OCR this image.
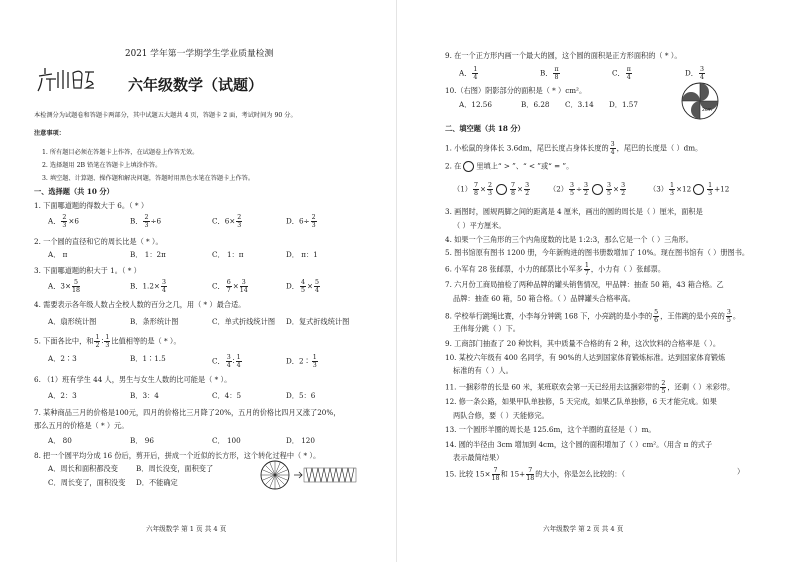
2021 学年第一学期学生学业质量检测
六年级数学（试题）
本检测分为试题卷和答题卡两部分，其中试题五大题共 4 页，答题卡 2 面，考试时间为 90 分。
注意事项：
1. 所有题目必须在答题卡上作答，在试题卷上作答无效。
2. 选择题用 2B 铅笔在答题卡上填涂作答。
3. 填空题、计算题、操作题和解决问题，答题时用黑色水笔在答题卡上作答。
一、选择题（共 10 分）
1. 下面哪道题的得数大于 6。（ * ）
A． $\frac{2}{3} \times 6$	B． $\frac{2}{3} \div 6$	C．$6\times \frac{2}{3}$	D．$6\div \frac{2}{3}$
2. 一个圆的直径和它的周长比是（ * ）。
A． π	B． 1：2π	C． 1：π	D． π：1
3. 下面哪道题的积大于 1。（ * ）
A．$3\times \frac{5}{18}$	B．$1.2\times \frac{3}{4}$	C． $\frac{6}{7} \times \frac{3}{14}$	D． $\frac{4}{5} \times \frac{5}{4}$
4. 需要表示各年级人数占全校人数的百分之几，用（ * ）最合适。
A．扇形统计图	B．条形统计图	C．单式折线统计图 D．复式折线统计图
5. 下面各比中，和 $\frac{1}{2}$ ∶ $\frac{1}{3}$ 比值相等的是（ * ）。
A．2∶3	B．1∶1.5	C． $\frac{3}{4}$ ∶ $\frac{1}{4}$	D．2∶ $\frac{1}{3}$
6. （1）班有学生 44 人，男生与女生人数的比可能是（ * ）。
A．2：3	B．3：4	C．4：5	D．5：6
7. 某种商品三月的价格是100元，四月的价格比三月降了20%，五月的价格比四月又涨了20%，
那么五月的价格是（ * ）元。
A． 80	B． 96	C． 100	D． 120
8. 把一个圆平均分成 16 份后，剪开后，拼成一个近似的长方形，这个转化过程中（ * ）。
A．周长和面积都没变	B．周长没变，面积变了
C．周长变了，面积没变 D．不能确定
六年级数学 第 1 页 共 4 页
9. 在一个正方形内画一个最大的圆，这个圆的面积是正方形面积的（ * ）。
A． $\frac{1}{4}$	B． $\frac{\pi}{8}$	C． $\frac{\pi}{4}$	D． $\frac{3}{4}$
10.（右图）阴影部分的面积是（ * ）cm²。
A．12.56	B．6.28 C．3.14 D．1.57
2cm
二、填空题（共 18 分）
1. 小松鼠的身体长 3.6dm，尾巴长度占身体长度的 $\frac{3}{4}$ ，尾巴的长度是（ ）dm。
2. 在 里填上“ > ”、“ < ”或“ = ”。
$(1) \frac{7}{8} \times \frac{2}{3}$	$\frac{7}{8} \times \frac{3}{2}$	$(2) \frac{3}{5} \div \frac{3}{2}$	$\frac{3}{5} \times \frac{3}{2}$	$(3) \frac{1}{3} \times 12$	$\frac{1}{3} +12$
3. 画图时，圆规两脚之间的距离是 4 厘米，画出的圆的周长是（ ）厘米，面积是
（ ）平方厘米。
4. 如果一个三角形的三个内角度数的比是 1:2:3，那么它是一个（ ）三角形。
5. 图书馆原有图书 1200 册，今年新购进的图书册数增加了 10%。现在图书馆有（ ）册图书。
6. 小军有 28 张邮票，小力的邮票比小军多 $\frac{1}{7}$ ，小力有（ ）张邮票。
7. 六月份工商局抽检了两种品牌的罐头销售情况，甲品牌：抽查 50 箱，43 箱合格。乙
品牌：抽查 60 箱，50 箱合格。（ ）品牌罐头合格率高。
8. 学校举行跳绳比赛，小李每分钟跳 168 下，小亮跳的是小李的 $\frac{5}{6}$ ，王伟跳的是小亮的 $\frac{3}{5}$ 。
王伟每分跳（ ）下。
9. 工商部门抽查了 20 种饮料，其中质量不合格的有 2 种，这次饮料的合格率是（ ）。
10. 某校六年级有 400 名同学，有 90%的人达到国家体育锻炼标准。达到国家体育锻炼
标准的有（ ）人。
11. 一捆彩带的长是 60 米，某班联欢会第一天已经用去这捆彩带的 $\frac{2}{5}$ ，还剩（ ）米彩带。
12. 修一条公路，如果甲队单独修，5 天完成，如果乙队单独修，6 天才能完成。如果
两队合修，要（ ）天能修完。
13. 一个圆形羊圈的周长是 125.6m，这个羊圈的直径是（ ）m。
14. 圆的半径由 3cm 增加到 4cm，这个圆的面积增加了（ ）cm²。（用含 π 的式子
表示最简结果）
15. 比较 $15\times \frac{7}{18}$ 和 $15+ \frac{7}{18}$ 的大小，你是怎么比较的：（	）
六年级数学 第 2 页 共 4 页
